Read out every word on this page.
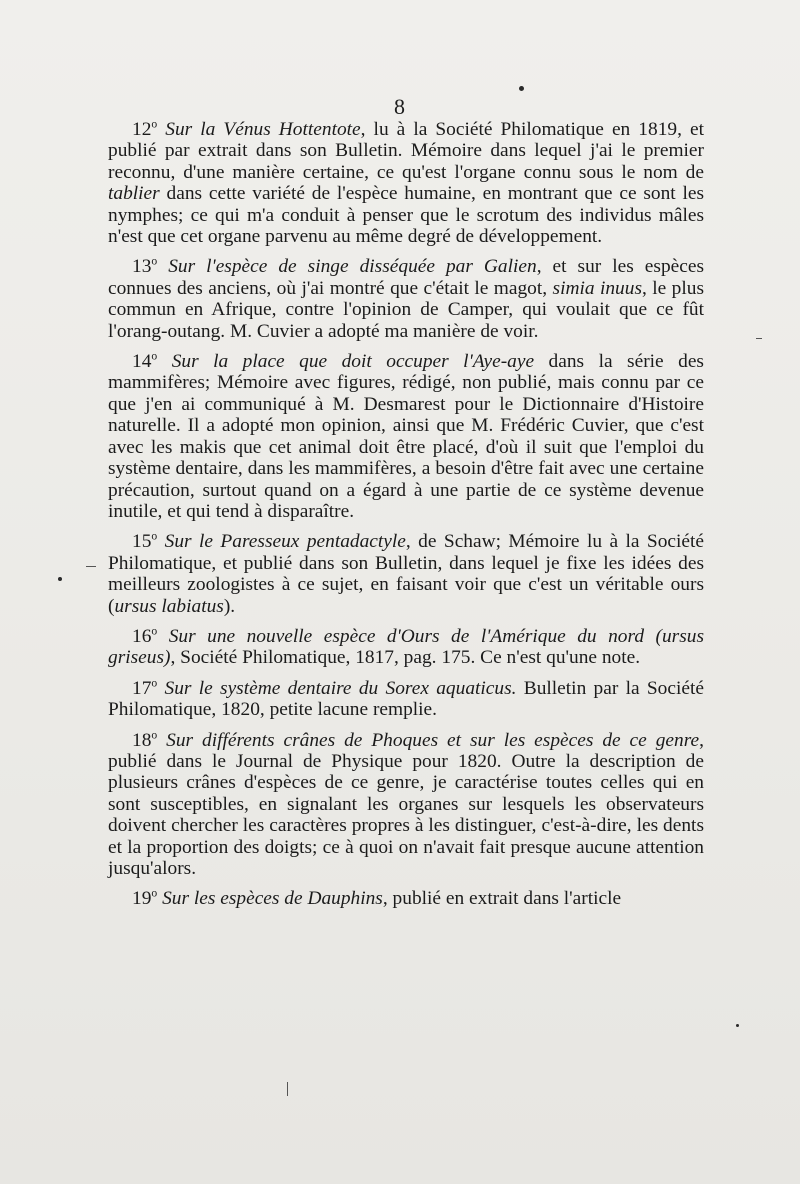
8

12$^o$ Sur la Vénus Hottentote, lu à la Société Philomatique en 1819, et publié par extrait dans son Bulletin. Mémoire dans lequel j'ai le premier reconnu, d'une manière certaine, ce qu'est l'organe connu sous le nom de tablier dans cette variété de l'espèce humaine, en montrant que ce sont les nymphes; ce qui m'a conduit à penser que le scrotum des individus mâles n'est que cet organe parvenu au même degré de développement.

13$^o$ Sur l'espèce de singe disséquée par Galien, et sur les espèces connues des anciens, où j'ai montré que c'était le magot, simia inuus, le plus commun en Afrique, contre l'opinion de Camper, qui voulait que ce fût l'orang-outang. M. Cuvier a adopté ma manière de voir.

14$^o$ Sur la place que doit occuper l'Aye-aye dans la série des mammifères; Mémoire avec figures, rédigé, non publié, mais connu par ce que j'en ai communiqué à M. Desmarest pour le Dictionnaire d'Histoire naturelle. Il a adopté mon opinion, ainsi que M. Frédéric Cuvier, que c'est avec les makis que cet animal doit être placé, d'où il suit que l'emploi du système dentaire, dans les mammifères, a besoin d'être fait avec une certaine précaution, surtout quand on a égard à une partie de ce système devenue inutile, et qui tend à disparaître.

15$^o$ Sur le Paresseux pentadactyle, de Schaw; Mémoire lu à la Société Philomatique, et publié dans son Bulletin, dans lequel je fixe les idées des meilleurs zoologistes à ce sujet, en faisant voir que c'est un véritable ours (ursus labiatus).

16$^o$ Sur une nouvelle espèce d'Ours de l'Amérique du nord (ursus griseus), Société Philomatique, 1817, pag. 175. Ce n'est qu'une note.

17$^o$ Sur le système dentaire du Sorex aquaticus. Bulletin par la Société Philomatique, 1820, petite lacune remplie.

18$^o$ Sur différents crânes de Phoques et sur les espèces de ce genre, publié dans le Journal de Physique pour 1820. Outre la description de plusieurs crânes d'espèces de ce genre, je caractérise toutes celles qui en sont susceptibles, en signalant les organes sur lesquels les observateurs doivent chercher les caractères propres à les distinguer, c'est-à-dire, les dents et la proportion des doigts; ce à quoi on n'avait fait presque aucune attention jusqu'alors.

19$^o$ Sur les espèces de Dauphins, publié en extrait dans l'article
